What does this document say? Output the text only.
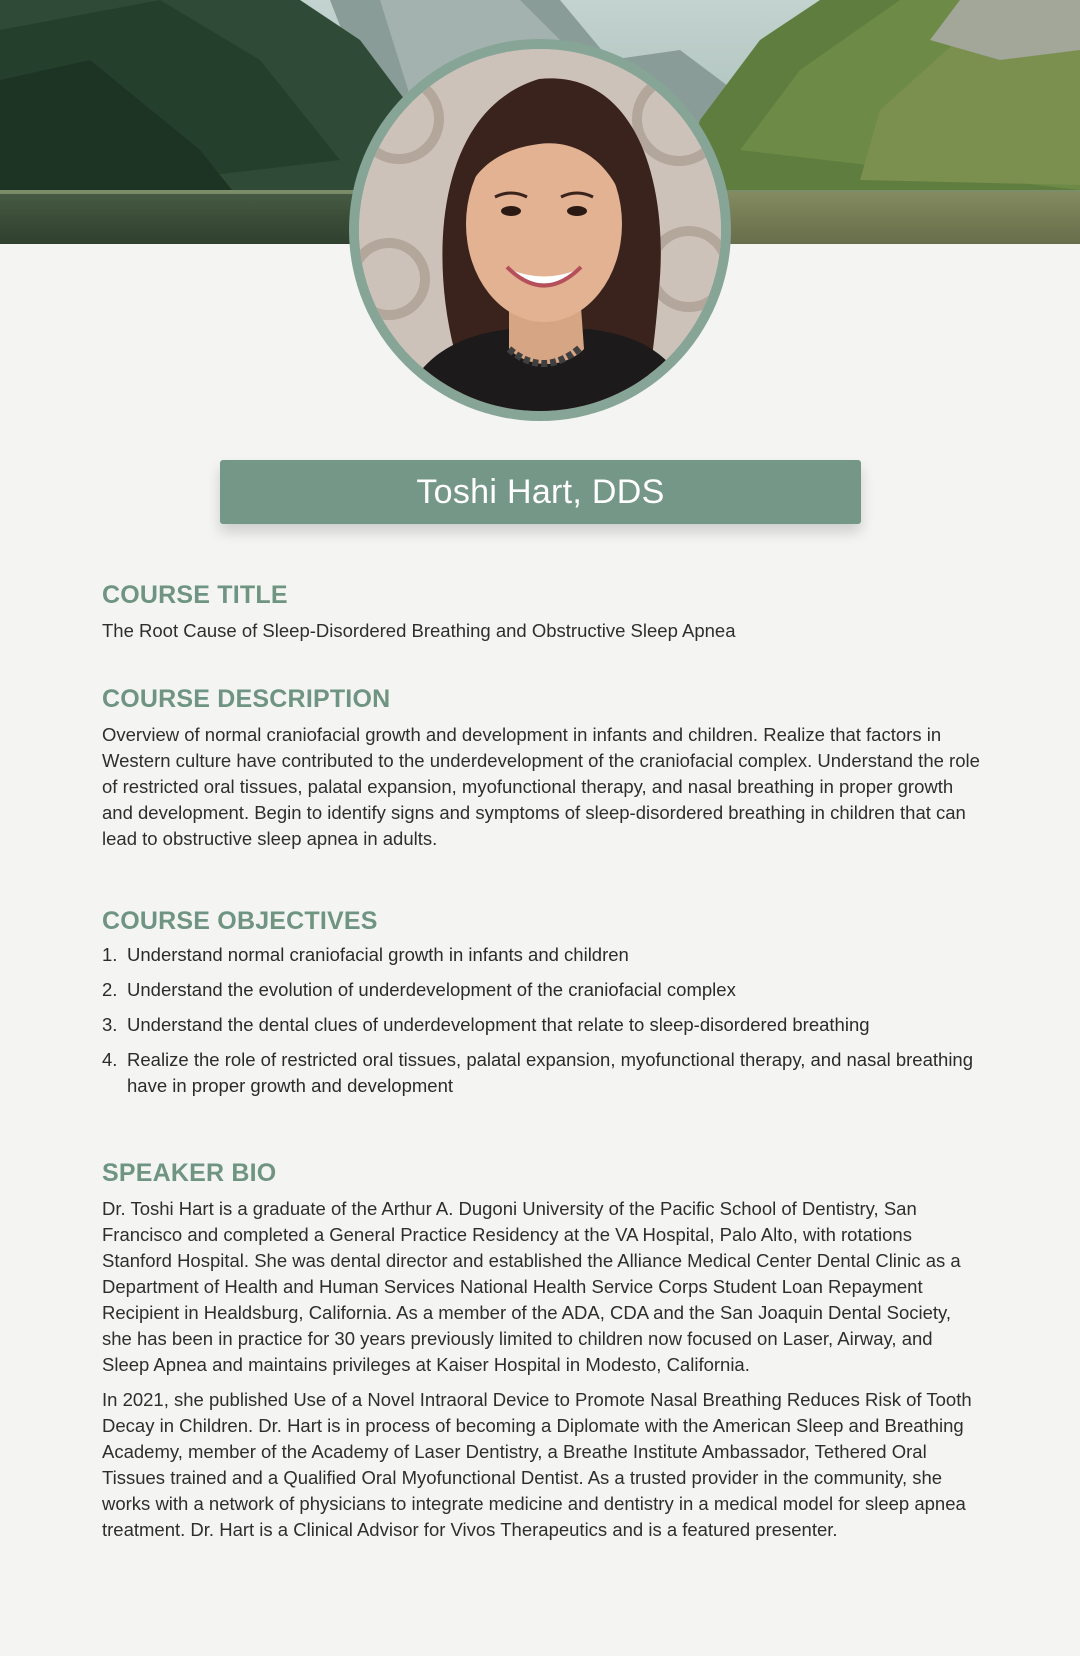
Toshi Hart, DDS
COURSE TITLE

The Root Cause of Sleep-Disordered Breathing and Obstructive Sleep Apnea

COURSE DESCRIPTION

Overview of normal craniofacial growth and development in infants and children. Realize that factors in Western culture have contributed to the underdevelopment of the craniofacial complex. Understand the role of restricted oral tissues, palatal expansion, myofunctional therapy, and nasal breathing in proper growth and development. Begin to identify signs and symptoms of sleep-disordered breathing in children that can lead to obstructive sleep apnea in adults.

COURSE OBJECTIVES
1. Understand normal craniofacial growth in infants and children
2. Understand the evolution of underdevelopment of the craniofacial complex
3. Understand the dental clues of underdevelopment that relate to sleep-disordered breathing
4. Realize the role of restricted oral tissues, palatal expansion, myofunctional therapy, and nasal breathing have in proper growth and development
SPEAKER BIO

Dr. Toshi Hart is a graduate of the Arthur A. Dugoni University of the Pacific School of Dentistry, San Francisco and completed a General Practice Residency at the VA Hospital, Palo Alto, with rotations Stanford Hospital. She was dental director and established the Alliance Medical Center Dental Clinic as a Department of Health and Human Services National Health Service Corps Student Loan Repayment Recipient in Healdsburg, California. As a member of the ADA, CDA and the San Joaquin Dental Society, she has been in practice for 30 years previously limited to children now focused on Laser, Airway, and Sleep Apnea and maintains privileges at Kaiser Hospital in Modesto, California.

In 2021, she published Use of a Novel Intraoral Device to Promote Nasal Breathing Reduces Risk of Tooth Decay in Children. Dr. Hart is in process of becoming a Diplomate with the American Sleep and Breathing Academy, member of the Academy of Laser Dentistry, a Breathe Institute Ambassador, Tethered Oral Tissues trained and a Qualified Oral Myofunctional Dentist. As a trusted provider in the community, she works with a network of physicians to integrate medicine and dentistry in a medical model for sleep apnea treatment. Dr. Hart is a Clinical Advisor for Vivos Therapeutics and is a featured presenter.
